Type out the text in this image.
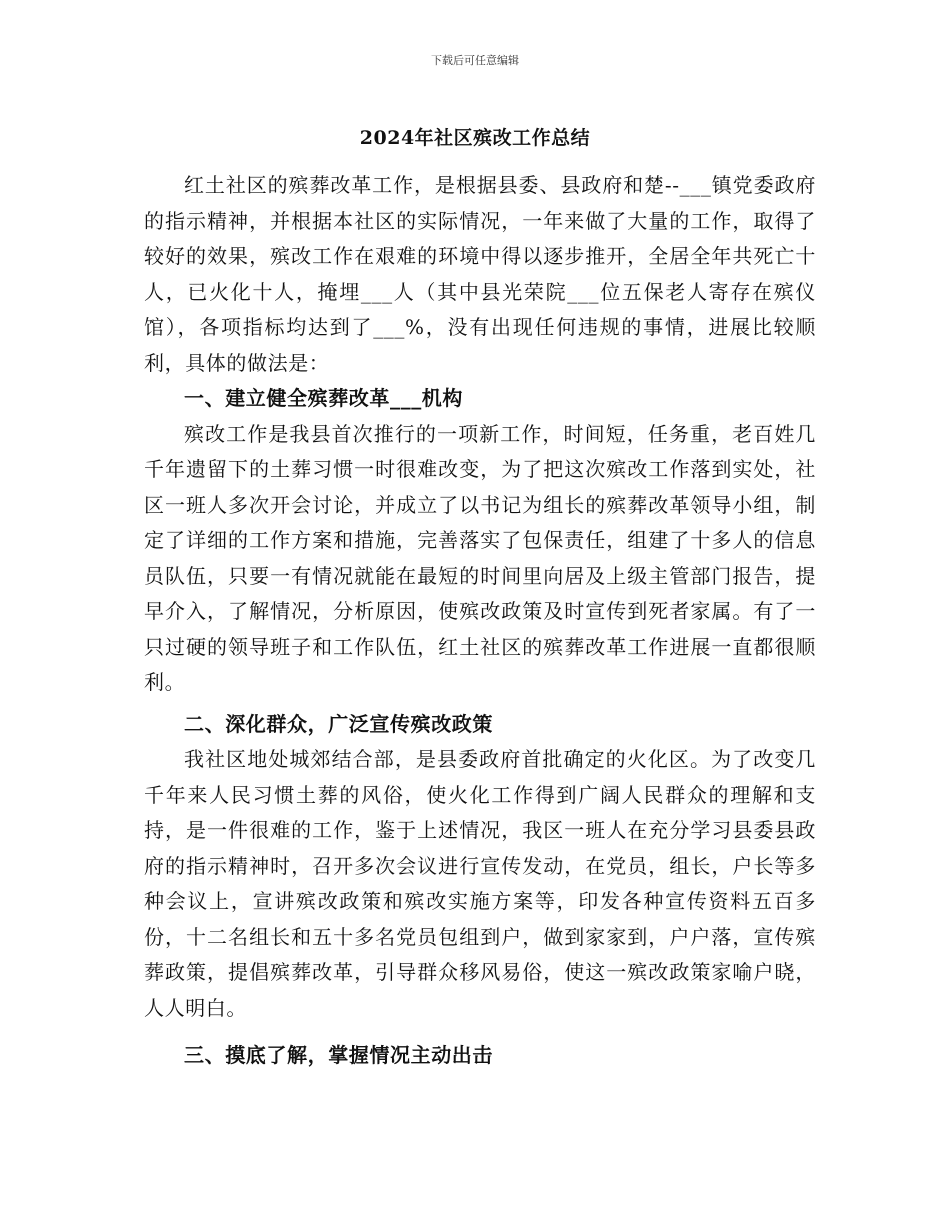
下载后可任意编辑
2024年社区殡改工作总结

红土社区的殡葬改革工作，是根据县委、县政府和楚--___镇党委政府的指示精神，并根据本社区的实际情况，一年来做了大量的工作，取得了较好的效果，殡改工作在艰难的环境中得以逐步推开，全居全年共死亡十人，已火化十人，掩埋___人（其中县光荣院___位五保老人寄存在殡仪馆），各项指标均达到了___%，没有出现任何违规的事情，进展比较顺利，具体的做法是：

一、建立健全殡葬改革___机构

殡改工作是我县首次推行的一项新工作，时间短，任务重，老百姓几千年遗留下的土葬习惯一时很难改变，为了把这次殡改工作落到实处，社区一班人多次开会讨论，并成立了以书记为组长的殡葬改革领导小组，制定了详细的工作方案和措施，完善落实了包保责任，组建了十多人的信息员队伍，只要一有情况就能在最短的时间里向居及上级主管部门报告，提早介入，了解情况，分析原因，使殡改政策及时宣传到死者家属。有了一只过硬的领导班子和工作队伍，红土社区的殡葬改革工作进展一直都很顺利。

二、深化群众，广泛宣传殡改政策

我社区地处城郊结合部，是县委政府首批确定的火化区。为了改变几千年来人民习惯土葬的风俗，使火化工作得到广阔人民群众的理解和支持，是一件很难的工作，鉴于上述情况，我区一班人在充分学习县委县政府的指示精神时，召开多次会议进行宣传发动，在党员，组长，户长等多种会议上，宣讲殡改政策和殡改实施方案等，印发各种宣传资料五百多份，十二名组长和五十多名党员包组到户，做到家家到，户户落，宣传殡葬政策，提倡殡葬改革，引导群众移风易俗，使这一殡改政策家喻户晓，人人明白。

三、摸底了解，掌握情况主动出击
